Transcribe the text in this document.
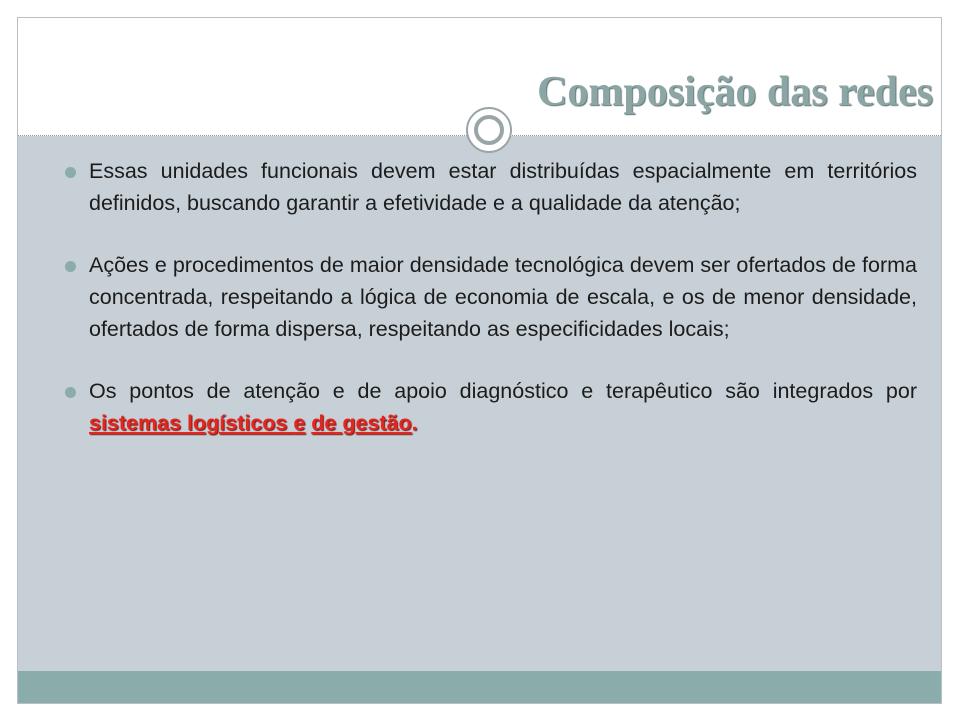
Composição das redes
Essas unidades funcionais devem estar distribuídas espacialmente em territórios definidos, buscando garantir a efetividade e a qualidade da atenção;
Ações e procedimentos de maior densidade tecnológica devem ser ofertados de forma concentrada, respeitando a lógica de economia de escala, e os de menor densidade, ofertados de forma dispersa, respeitando as especificidades locais;
Os pontos de atenção e de apoio diagnóstico e terapêutico são integrados por sistemas logísticos e de gestão.
